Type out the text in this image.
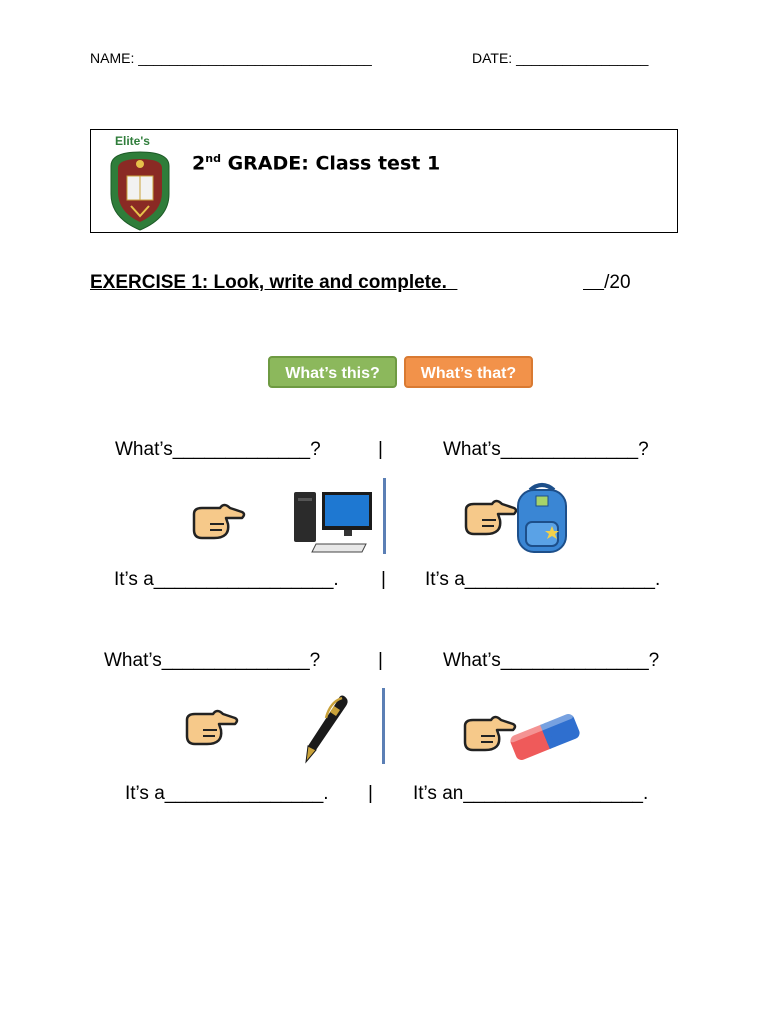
NAME: ______________________________	DATE: _________________
Elite's
2nd GRADE: Class test 1
EXERCISE 1: Look, write and complete.	/20
What’s this?	What’s that?
What’s_____________?	|	What’s_____________?
It’s a_________________. | It’s a__________________.
What’s______________?	|	What’s______________?
It’s a_______________. | It’s an_________________.
